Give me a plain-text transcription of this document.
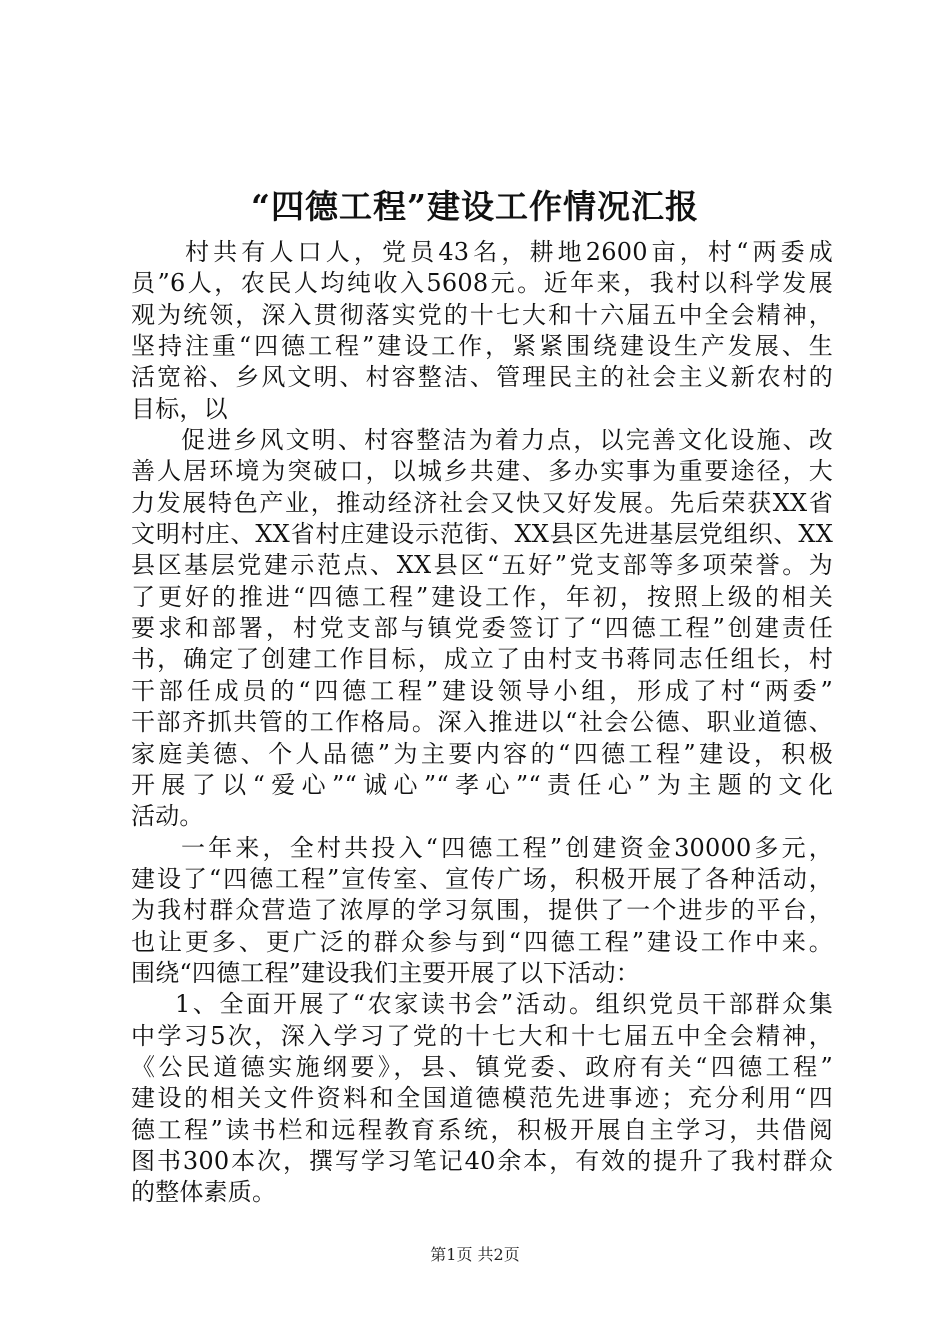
“四德工程”建设工作情况汇报
村共有人口人，党员43名，耕地2600亩，村“两委成
员”6人，农民人均纯收入5608元。近年来，我村以科学发展
观为统领，深入贯彻落实党的十七大和十六届五中全会精神，
坚持注重“四德工程”建设工作，紧紧围绕建设生产发展、生
活宽裕、乡风文明、村容整洁、管理民主的社会主义新农村的
目标，以
促进乡风文明、村容整洁为着力点，以完善文化设施、改
善人居环境为突破口，以城乡共建、多办实事为重要途径，大
力发展特色产业，推动经济社会又快又好发展。先后荣获XX省
文明村庄、XX省村庄建设示范街、XX县区先进基层党组织、XX
县区基层党建示范点、XX县区“五好”党支部等多项荣誉。为
了更好的推进“四德工程”建设工作，年初，按照上级的相关
要求和部署，村党支部与镇党委签订了“四德工程”创建责任
书，确定了创建工作目标，成立了由村支书蒋同志任组长，村
干部任成员的“四德工程”建设领导小组，形成了村“两委”
干部齐抓共管的工作格局。深入推进以“社会公德、职业道德、
家庭美德、个人品德”为主要内容的“四德工程”建设，积极
开展了以“爱心”“诚心”“孝心”“责任心”为主题的文化
活动。
一年来，全村共投入“四德工程”创建资金30000多元，
建设了“四德工程”宣传室、宣传广场，积极开展了各种活动，
为我村群众营造了浓厚的学习氛围，提供了一个进步的平台，
也让更多、更广泛的群众参与到“四德工程”建设工作中来。
围绕“四德工程”建设我们主要开展了以下活动：
1、全面开展了“农家读书会”活动。组织党员干部群众集
中学习5次，深入学习了党的十七大和十七届五中全会精神，
《公民道德实施纲要》，县、镇党委、政府有关“四德工程”
建设的相关文件资料和全国道德模范先进事迹；充分利用“四
德工程”读书栏和远程教育系统，积极开展自主学习，共借阅
图书300本次，撰写学习笔记40余本，有效的提升了我村群众
的整体素质。
第1页 共2页
